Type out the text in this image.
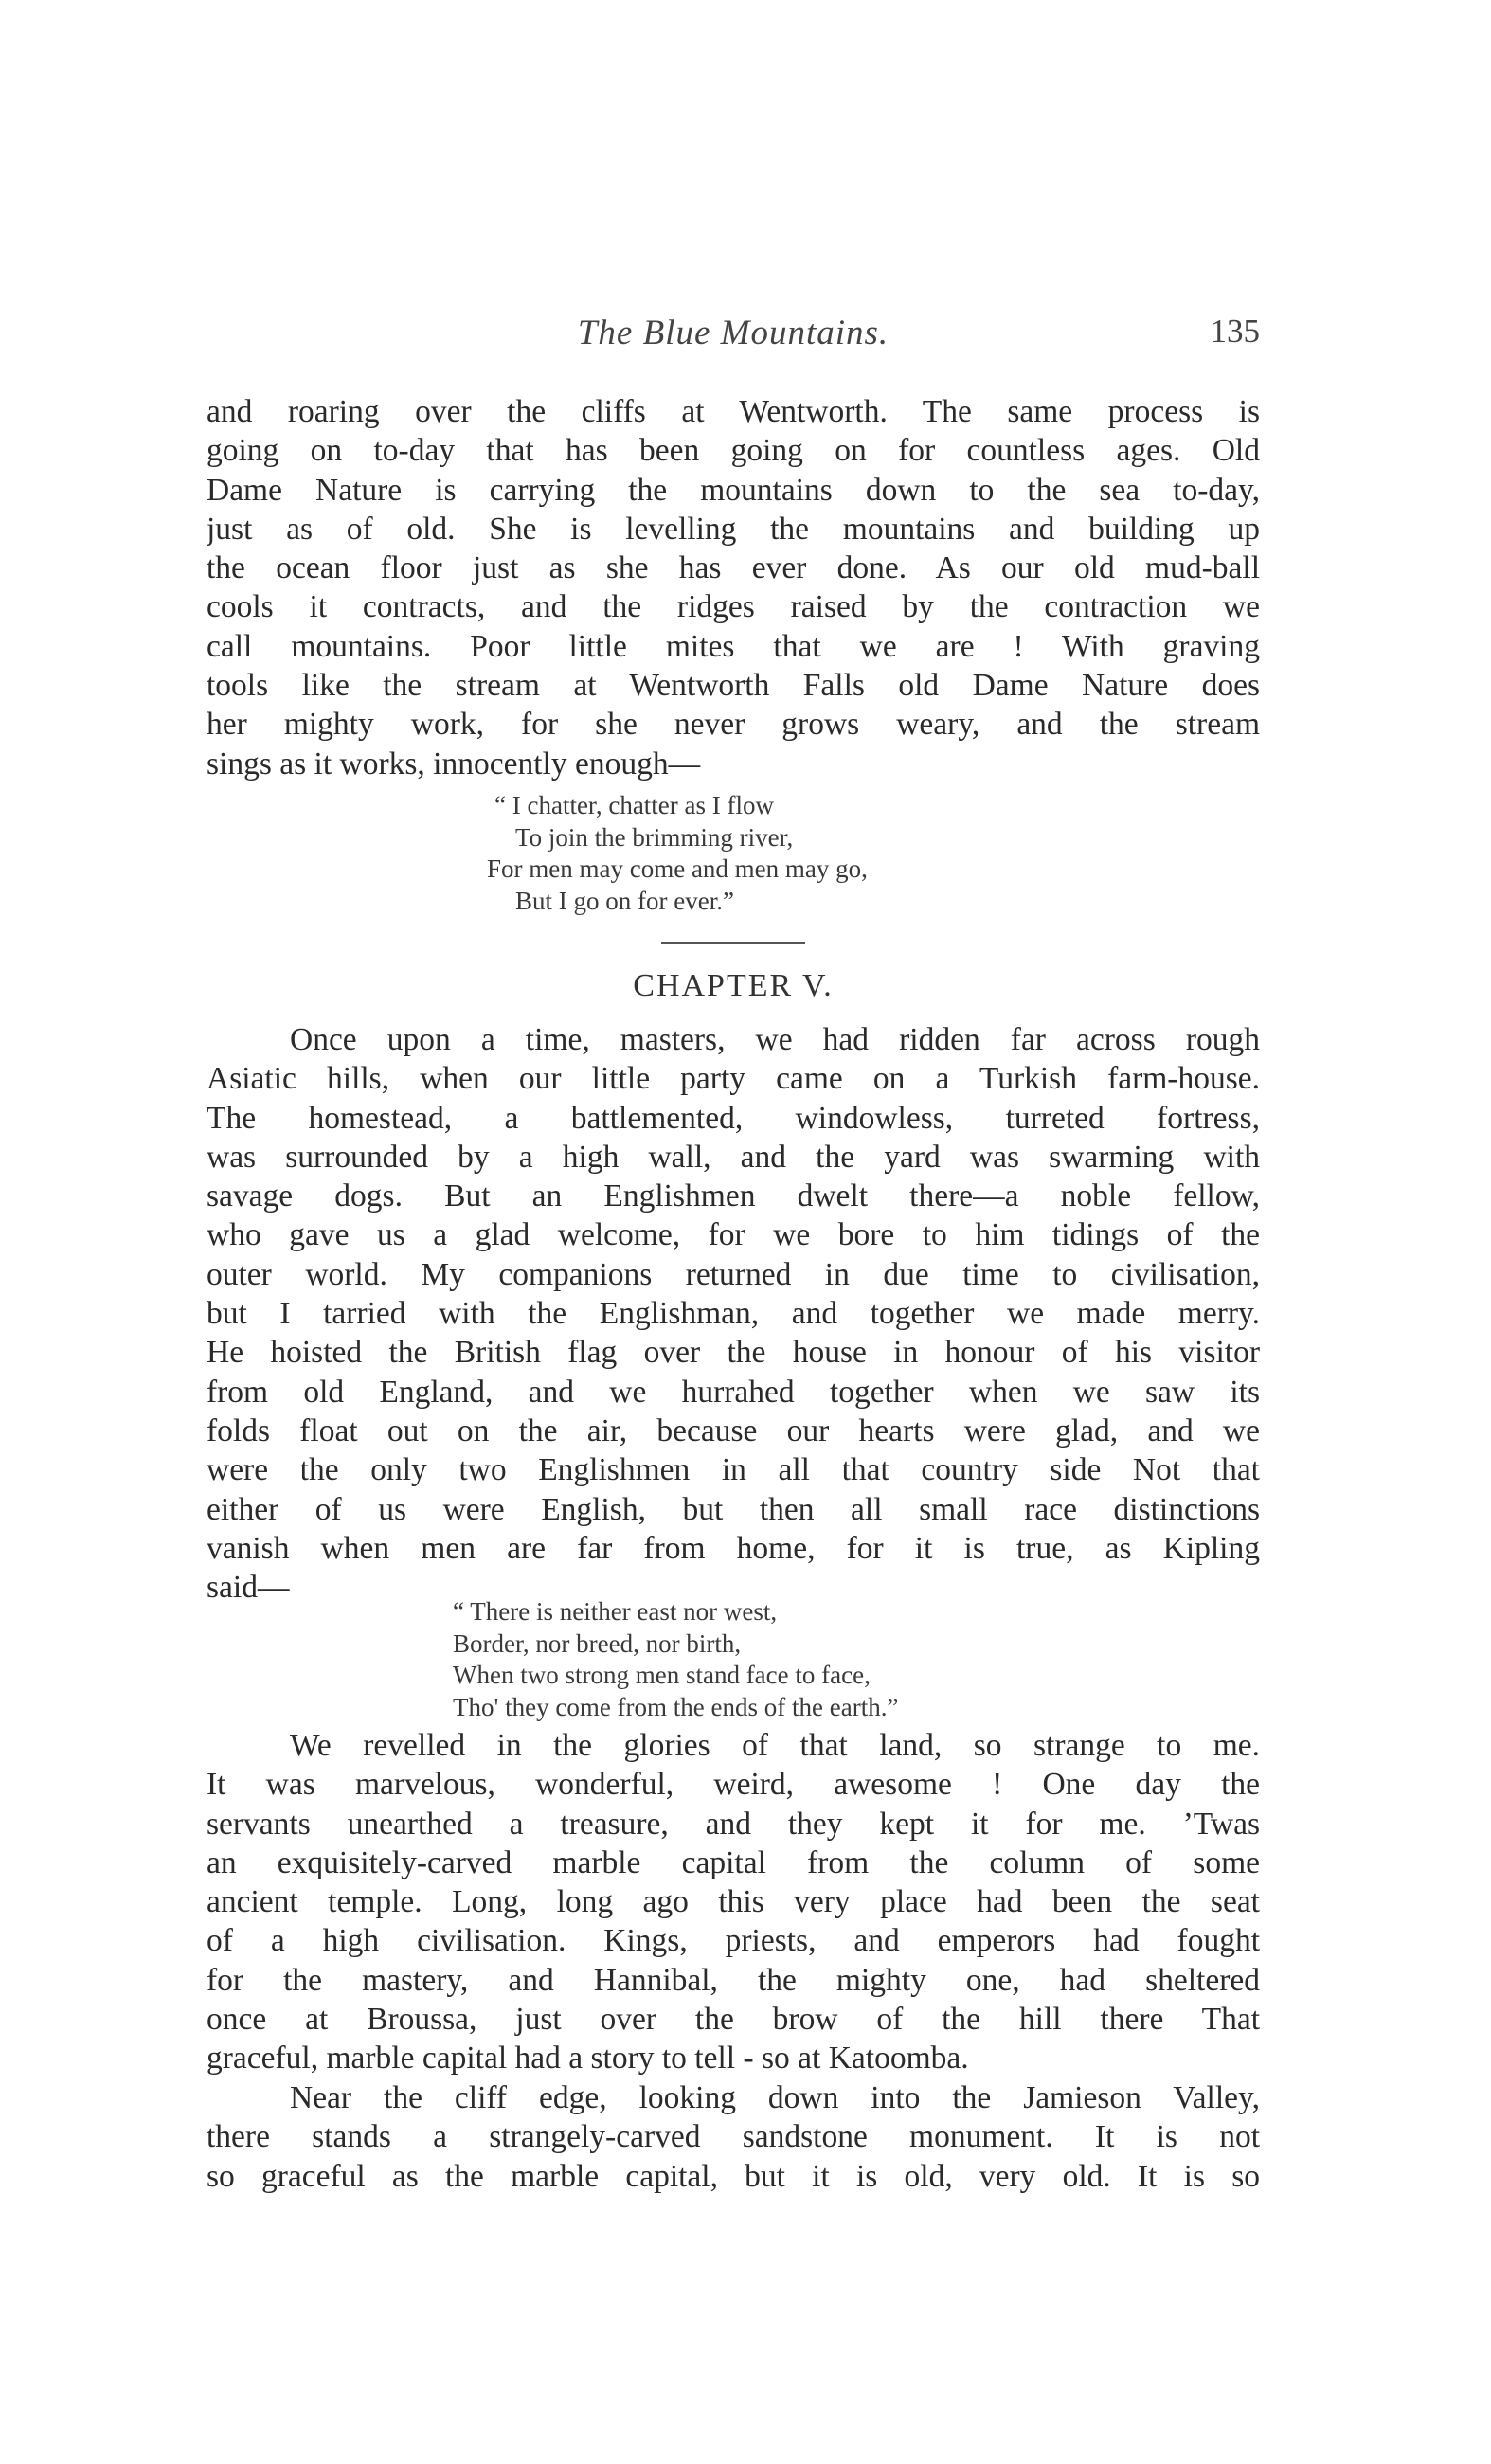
The Blue Mountains.	135
and roaring over the cliffs at Wentworth. The same process is
going on to-day that has been going on for countless ages. Old
Dame Nature is carrying the mountains down to the sea to-day,
just as of old. She is levelling the mountains and building up
the ocean floor just as she has ever done. As our old mud-ball
cools it contracts, and the ridges raised by the contraction we
call mountains. Poor little mites that we are ! With graving
tools like the stream at Wentworth Falls old Dame Nature does
her mighty work, for she never grows weary, and the stream
sings as it works, innocently enough—
“ I chatter, chatter as I flow
To join the brimming river,
For men may come and men may go,
But I go on for ever.”
CHAPTER V.
Once upon a time, masters, we had ridden far across rough
Asiatic hills, when our little party came on a Turkish farm-house.
The homestead, a battlemented, windowless, turreted fortress,
was surrounded by a high wall, and the yard was swarming with
savage dogs. But an Englishmen dwelt there—a noble fellow,
who gave us a glad welcome, for we bore to him tidings of the
outer world. My companions returned in due time to civilisation,
but I tarried with the Englishman, and together we made merry.
He hoisted the British flag over the house in honour of his visitor
from old England, and we hurrahed together when we saw its
folds float out on the air, because our hearts were glad, and we
were the only two Englishmen in all that country side Not that
either of us were English, but then all small race distinctions
vanish when men are far from home, for it is true, as Kipling
said—
“ There is neither east nor west,
Border, nor breed, nor birth,
When two strong men stand face to face,
Tho' they come from the ends of the earth.”
We revelled in the glories of that land, so strange to me.
It was marvelous, wonderful, weird, awesome ! One day the
servants unearthed a treasure, and they kept it for me. ’Twas
an exquisitely-carved marble capital from the column of some
ancient temple. Long, long ago this very place had been the seat
of a high civilisation. Kings, priests, and emperors had fought
for the mastery, and Hannibal, the mighty one, had sheltered
once at Broussa, just over the brow of the hill there That
graceful, marble capital had a story to tell - so at Katoomba.
Near the cliff edge, looking down into the Jamieson Valley,
there stands a strangely-carved sandstone monument. It is not
so graceful as the marble capital, but it is old, very old. It is so
